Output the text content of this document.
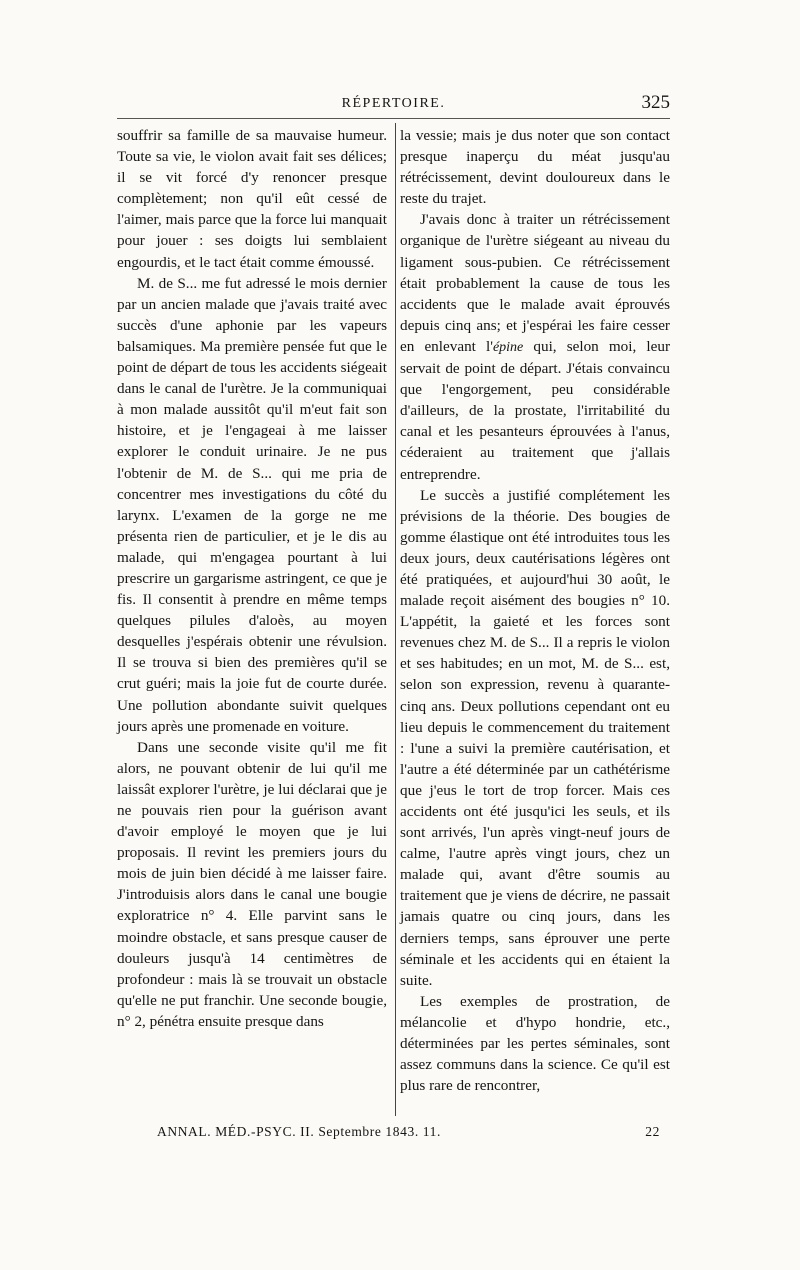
RÉPERTOIRE.	325

souffrir sa famille de sa mauvaise humeur. Toute sa vie, le violon avait fait ses délices; il se vit forcé d'y renoncer presque complètement; non qu'il eût cessé de l'aimer, mais parce que la force lui manquait pour jouer : ses doigts lui semblaient engourdis, et le tact était comme émoussé.

M. de S... me fut adressé le mois dernier par un ancien malade que j'avais traité avec succès d'une aphonie par les vapeurs balsamiques. Ma première pensée fut que le point de départ de tous les accidents siégeait dans le canal de l'urètre. Je la communiquai à mon malade aussitôt qu'il m'eut fait son histoire, et je l'engageai à me laisser explorer le conduit urinaire. Je ne pus l'obtenir de M. de S... qui me pria de concentrer mes investigations du côté du larynx. L'examen de la gorge ne me présenta rien de particulier, et je le dis au malade, qui m'engagea pourtant à lui prescrire un gargarisme astringent, ce que je fis. Il consentit à prendre en même temps quelques pilules d'aloès, au moyen desquelles j'espérais obtenir une révulsion. Il se trouva si bien des premières qu'il se crut guéri; mais la joie fut de courte durée. Une pollution abondante suivit quelques jours après une promenade en voiture.

Dans une seconde visite qu'il me fit alors, ne pouvant obtenir de lui qu'il me laissât explorer l'urètre, je lui déclarai que je ne pouvais rien pour la guérison avant d'avoir employé le moyen que je lui proposais. Il revint les premiers jours du mois de juin bien décidé à me laisser faire. J'introduisis alors dans le canal une bougie exploratrice n° 4. Elle parvint sans le moindre obstacle, et sans presque causer de douleurs jusqu'à 14 centimètres de profondeur : mais là se trouvait un obstacle qu'elle ne put franchir. Une seconde bougie, n° 2, pénétra ensuite presque dans

la vessie; mais je dus noter que son contact presque inaperçu du méat jusqu'au rétrécissement, devint douloureux dans le reste du trajet.

J'avais donc à traiter un rétrécissement organique de l'urètre siégeant au niveau du ligament sous-pubien. Ce rétrécissement était probablement la cause de tous les accidents que le malade avait éprouvés depuis cinq ans; et j'espérai les faire cesser en enlevant l'épine qui, selon moi, leur servait de point de départ. J'étais convaincu que l'engorgement, peu considérable d'ailleurs, de la prostate, l'irritabilité du canal et les pesanteurs éprouvées à l'anus, céderaient au traitement que j'allais entreprendre.

Le succès a justifié complétement les prévisions de la théorie. Des bougies de gomme élastique ont été introduites tous les deux jours, deux cautérisations légères ont été pratiquées, et aujourd'hui 30 août, le malade reçoit aisément des bougies n° 10. L'appétit, la gaieté et les forces sont revenues chez M. de S... Il a repris le violon et ses habitudes; en un mot, M. de S... est, selon son expression, revenu à quarante-cinq ans. Deux pollutions cependant ont eu lieu depuis le commencement du traitement : l'une a suivi la première cautérisation, et l'autre a été déterminée par un cathétérisme que j'eus le tort de trop forcer. Mais ces accidents ont été jusqu'ici les seuls, et ils sont arrivés, l'un après vingt-neuf jours de calme, l'autre après vingt jours, chez un malade qui, avant d'être soumis au traitement que je viens de décrire, ne passait jamais quatre ou cinq jours, dans les derniers temps, sans éprouver une perte séminale et les accidents qui en étaient la suite.

Les exemples de prostration, de mélancolie et d'hypo hondrie, etc., déterminées par les pertes séminales, sont assez communs dans la science. Ce qu'il est plus rare de rencontrer,

ANNAL. MÉD.-PSYC. II. Septembre 1843. 11.	22
